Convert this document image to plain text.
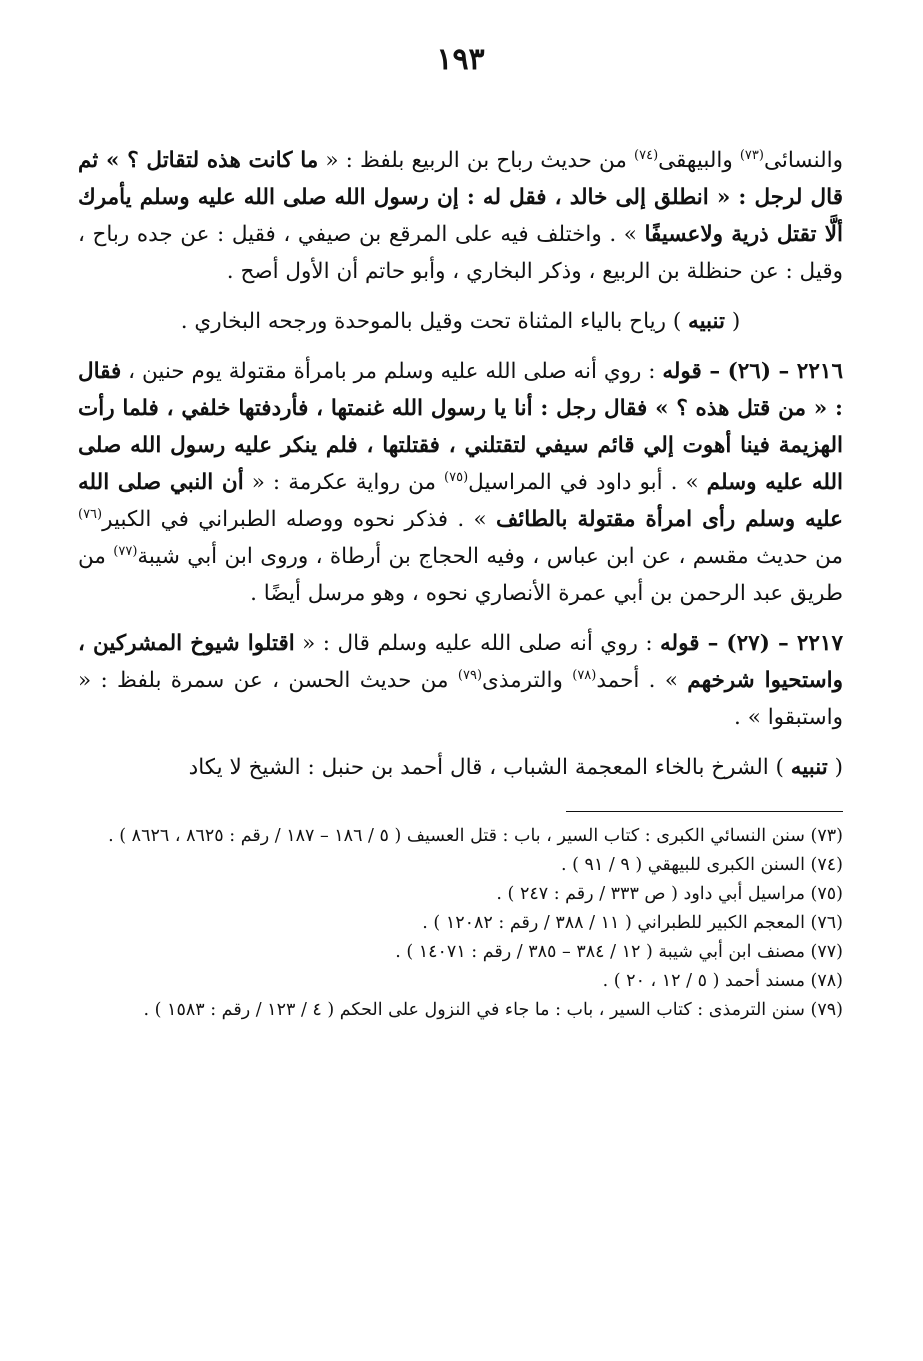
١٩٣

والنسائى$^{(٧٣)}$ والبيهقى$^{(٧٤)}$ من حديث رباح بن الربيع بلفظ : « ما كانت هذه لتقاتل ؟ » ثم قال لرجل : « انطلق إلى خالد ، فقل له : إن رسول الله صلى الله عليه وسلم يأمرك ألَّا تقتل ذرية ولاعسيفًا » . واختلف فيه على المرقع بن صيفي ، فقيل : عن جده رباح ، وقيل : عن حنظلة بن الربيع ، وذكر البخاري ، وأبو حاتم أن الأول أصح .

( تنبيه ) رياح بالياء المثناة تحت وقيل بالموحدة ورجحه البخاري .

٢٢١٦ – (٢٦) – قوله : روي أنه صلى الله عليه وسلم مر بامرأة مقتولة يوم حنين ، فقال : « من قتل هذه ؟ » فقال رجل : أنا يا رسول الله غنمتها ، فأردفتها خلفي ، فلما رأت الهزيمة فينا أهوت إلي قائم سيفي لتقتلني ، فقتلتها ، فلم ينكر عليه رسول الله صلى الله عليه وسلم » . أبو داود في المراسيل$^{(٧٥)}$ من رواية عكرمة : « أن النبي صلى الله عليه وسلم رأى امرأة مقتولة بالطائف » . فذكر نحوه ووصله الطبراني في الكبير$^{(٧٦)}$ من حديث مقسم ، عن ابن عباس ، وفيه الحجاج بن أرطاة ، وروى ابن أبي شيبة$^{(٧٧)}$ من طريق عبد الرحمن بن أبي عمرة الأنصاري نحوه ، وهو مرسل أيضًا .

٢٢١٧ – (٢٧) – قوله : روي أنه صلى الله عليه وسلم قال : « اقتلوا شيوخ المشركين ، واستحيوا شرخهم » . أحمد$^{(٧٨)}$ والترمذى$^{(٧٩)}$ من حديث الحسن ، عن سمرة بلفظ : « واستبقوا » .

( تنبيه ) الشرخ بالخاء المعجمة الشباب ، قال أحمد بن حنبل : الشيخ لا يكاد

(٧٣) سنن النسائي الكبرى : كتاب السير ، باب : قتل العسيف ( ٥ / ١٨٦ – ١٨٧ / رقم : ٨٦٢٥ ، ٨٦٢٦ ) .

(٧٤) السنن الكبرى للبيهقي ( ٩ / ٩١ ) .

(٧٥) مراسيل أبي داود ( ص ٣٣٣ / رقم : ٢٤٧ ) .

(٧٦) المعجم الكبير للطبراني ( ١١ / ٣٨٨ / رقم : ١٢٠٨٢ ) .

(٧٧) مصنف ابن أبي شيبة ( ١٢ / ٣٨٤ – ٣٨٥ / رقم : ١٤٠٧١ ) .

(٧٨) مسند أحمد ( ٥ / ١٢ ، ٢٠ ) .

(٧٩) سنن الترمذى : كتاب السير ، باب : ما جاء في النزول على الحكم ( ٤ / ١٢٣ / رقم : ١٥٨٣ ) .
